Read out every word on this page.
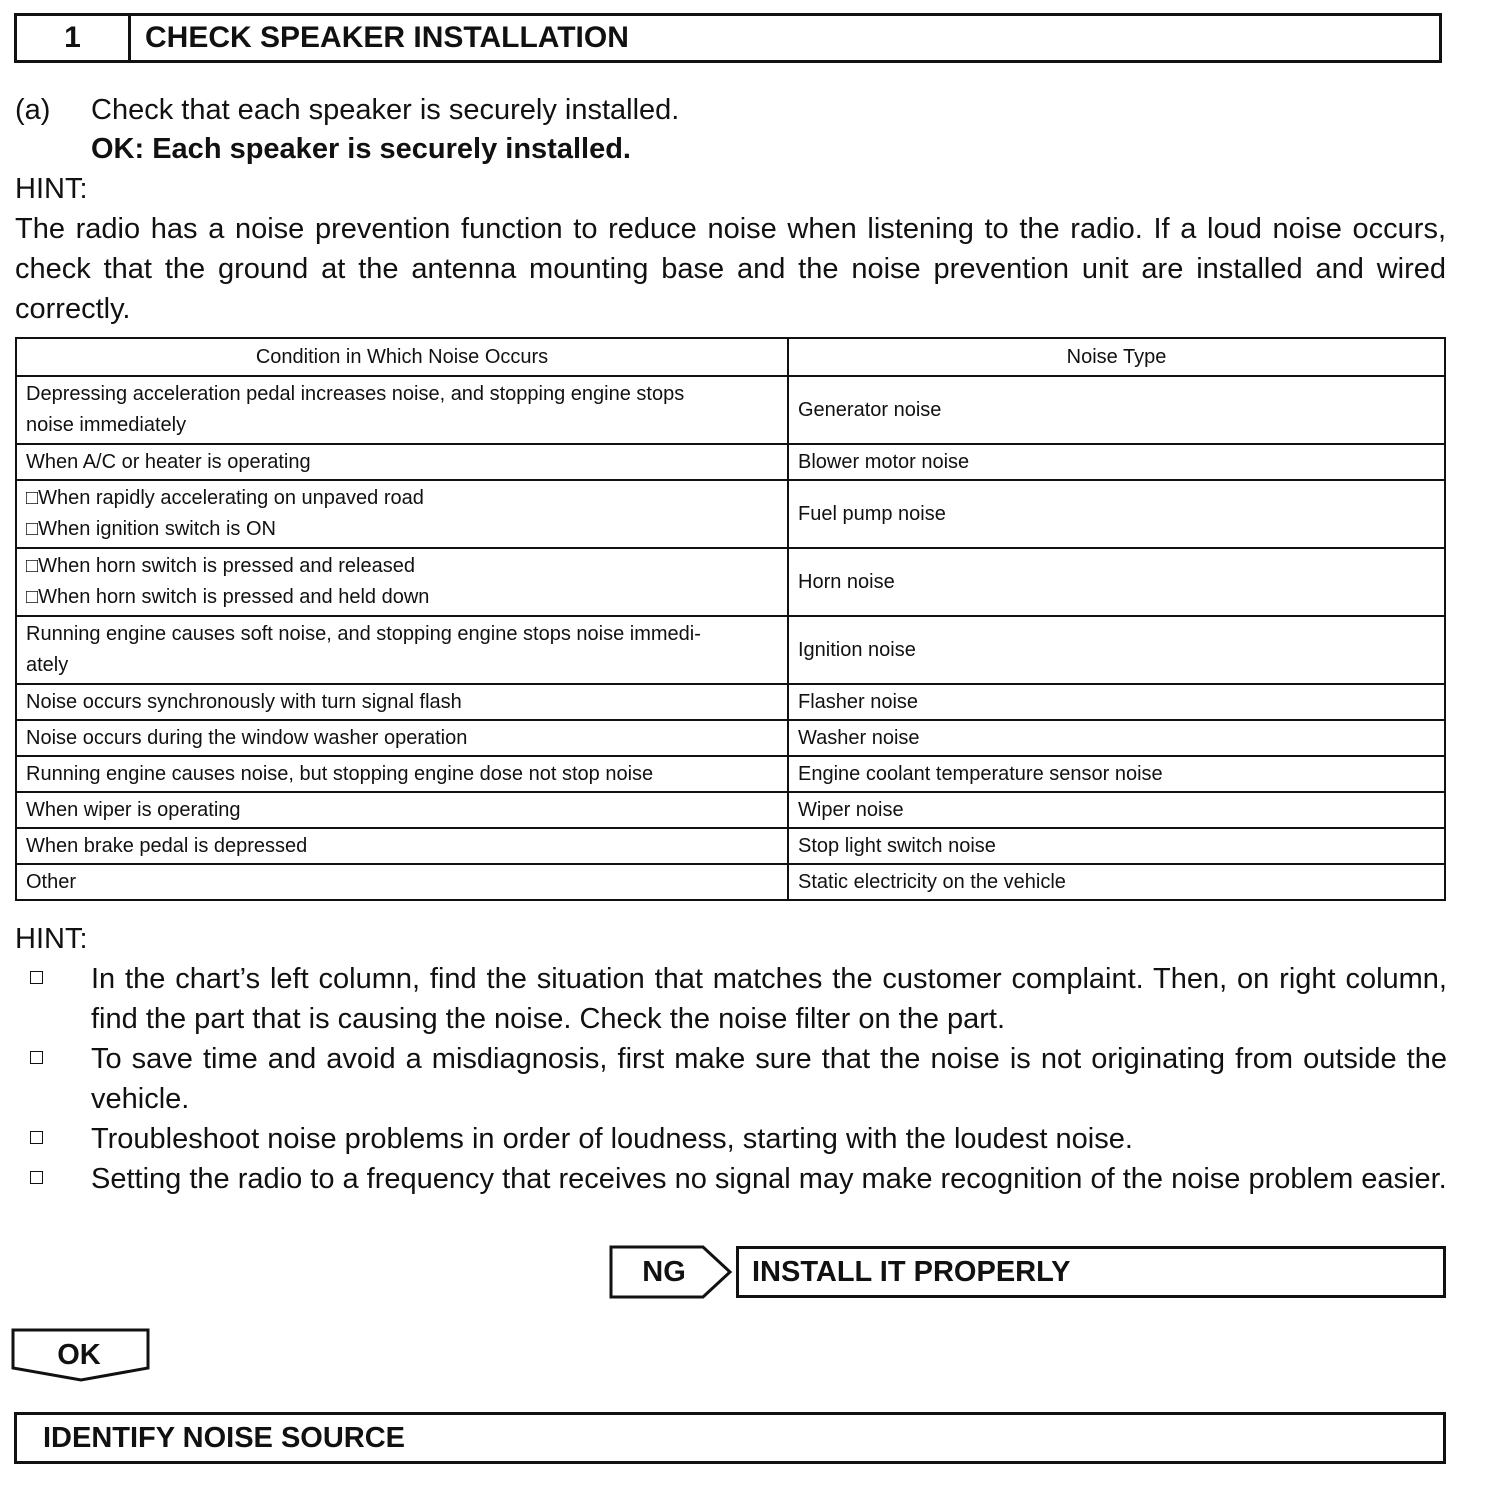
1	CHECK SPEAKER INSTALLATION
(a) Check that each speaker is securely installed.
OK: Each speaker is securely installed.
HINT:
The radio has a noise prevention function to reduce noise when listening to the radio. If a loud noise occurs, check that the ground at the antenna mounting base and the noise prevention unit are installed and wired correctly.
Condition in Which Noise Occurs	Noise Type
Depressing acceleration pedal increases noise, and stopping engine stops
noise immediately	Generator noise
When A/C or heater is operating	Blower motor noise
□When rapidly accelerating on unpaved road
□When ignition switch is ON	Fuel pump noise
□When horn switch is pressed and released
□When horn switch is pressed and held down	Horn noise
Running engine causes soft noise, and stopping engine stops noise immedi-
ately	Ignition noise
Noise occurs synchronously with turn signal flash	Flasher noise
Noise occurs during the window washer operation	Washer noise
Running engine causes noise, but stopping engine dose not stop noise	Engine coolant temperature sensor noise
When wiper is operating	Wiper noise
When brake pedal is depressed	Stop light switch noise
Other	Static electricity on the vehicle
HINT:
In the chart’s left column, find the situation that matches the customer complaint. Then, on right column, find the part that is causing the noise. Check the noise filter on the part.
To save time and avoid a misdiagnosis, first make sure that the noise is not originating from outside the vehicle.
Troubleshoot noise problems in order of loudness, starting with the loudest noise.
Setting the radio to a frequency that receives no signal may make recognition of the noise problem easier.
NG	INSTALL IT PROPERLY
OK
IDENTIFY NOISE SOURCE
